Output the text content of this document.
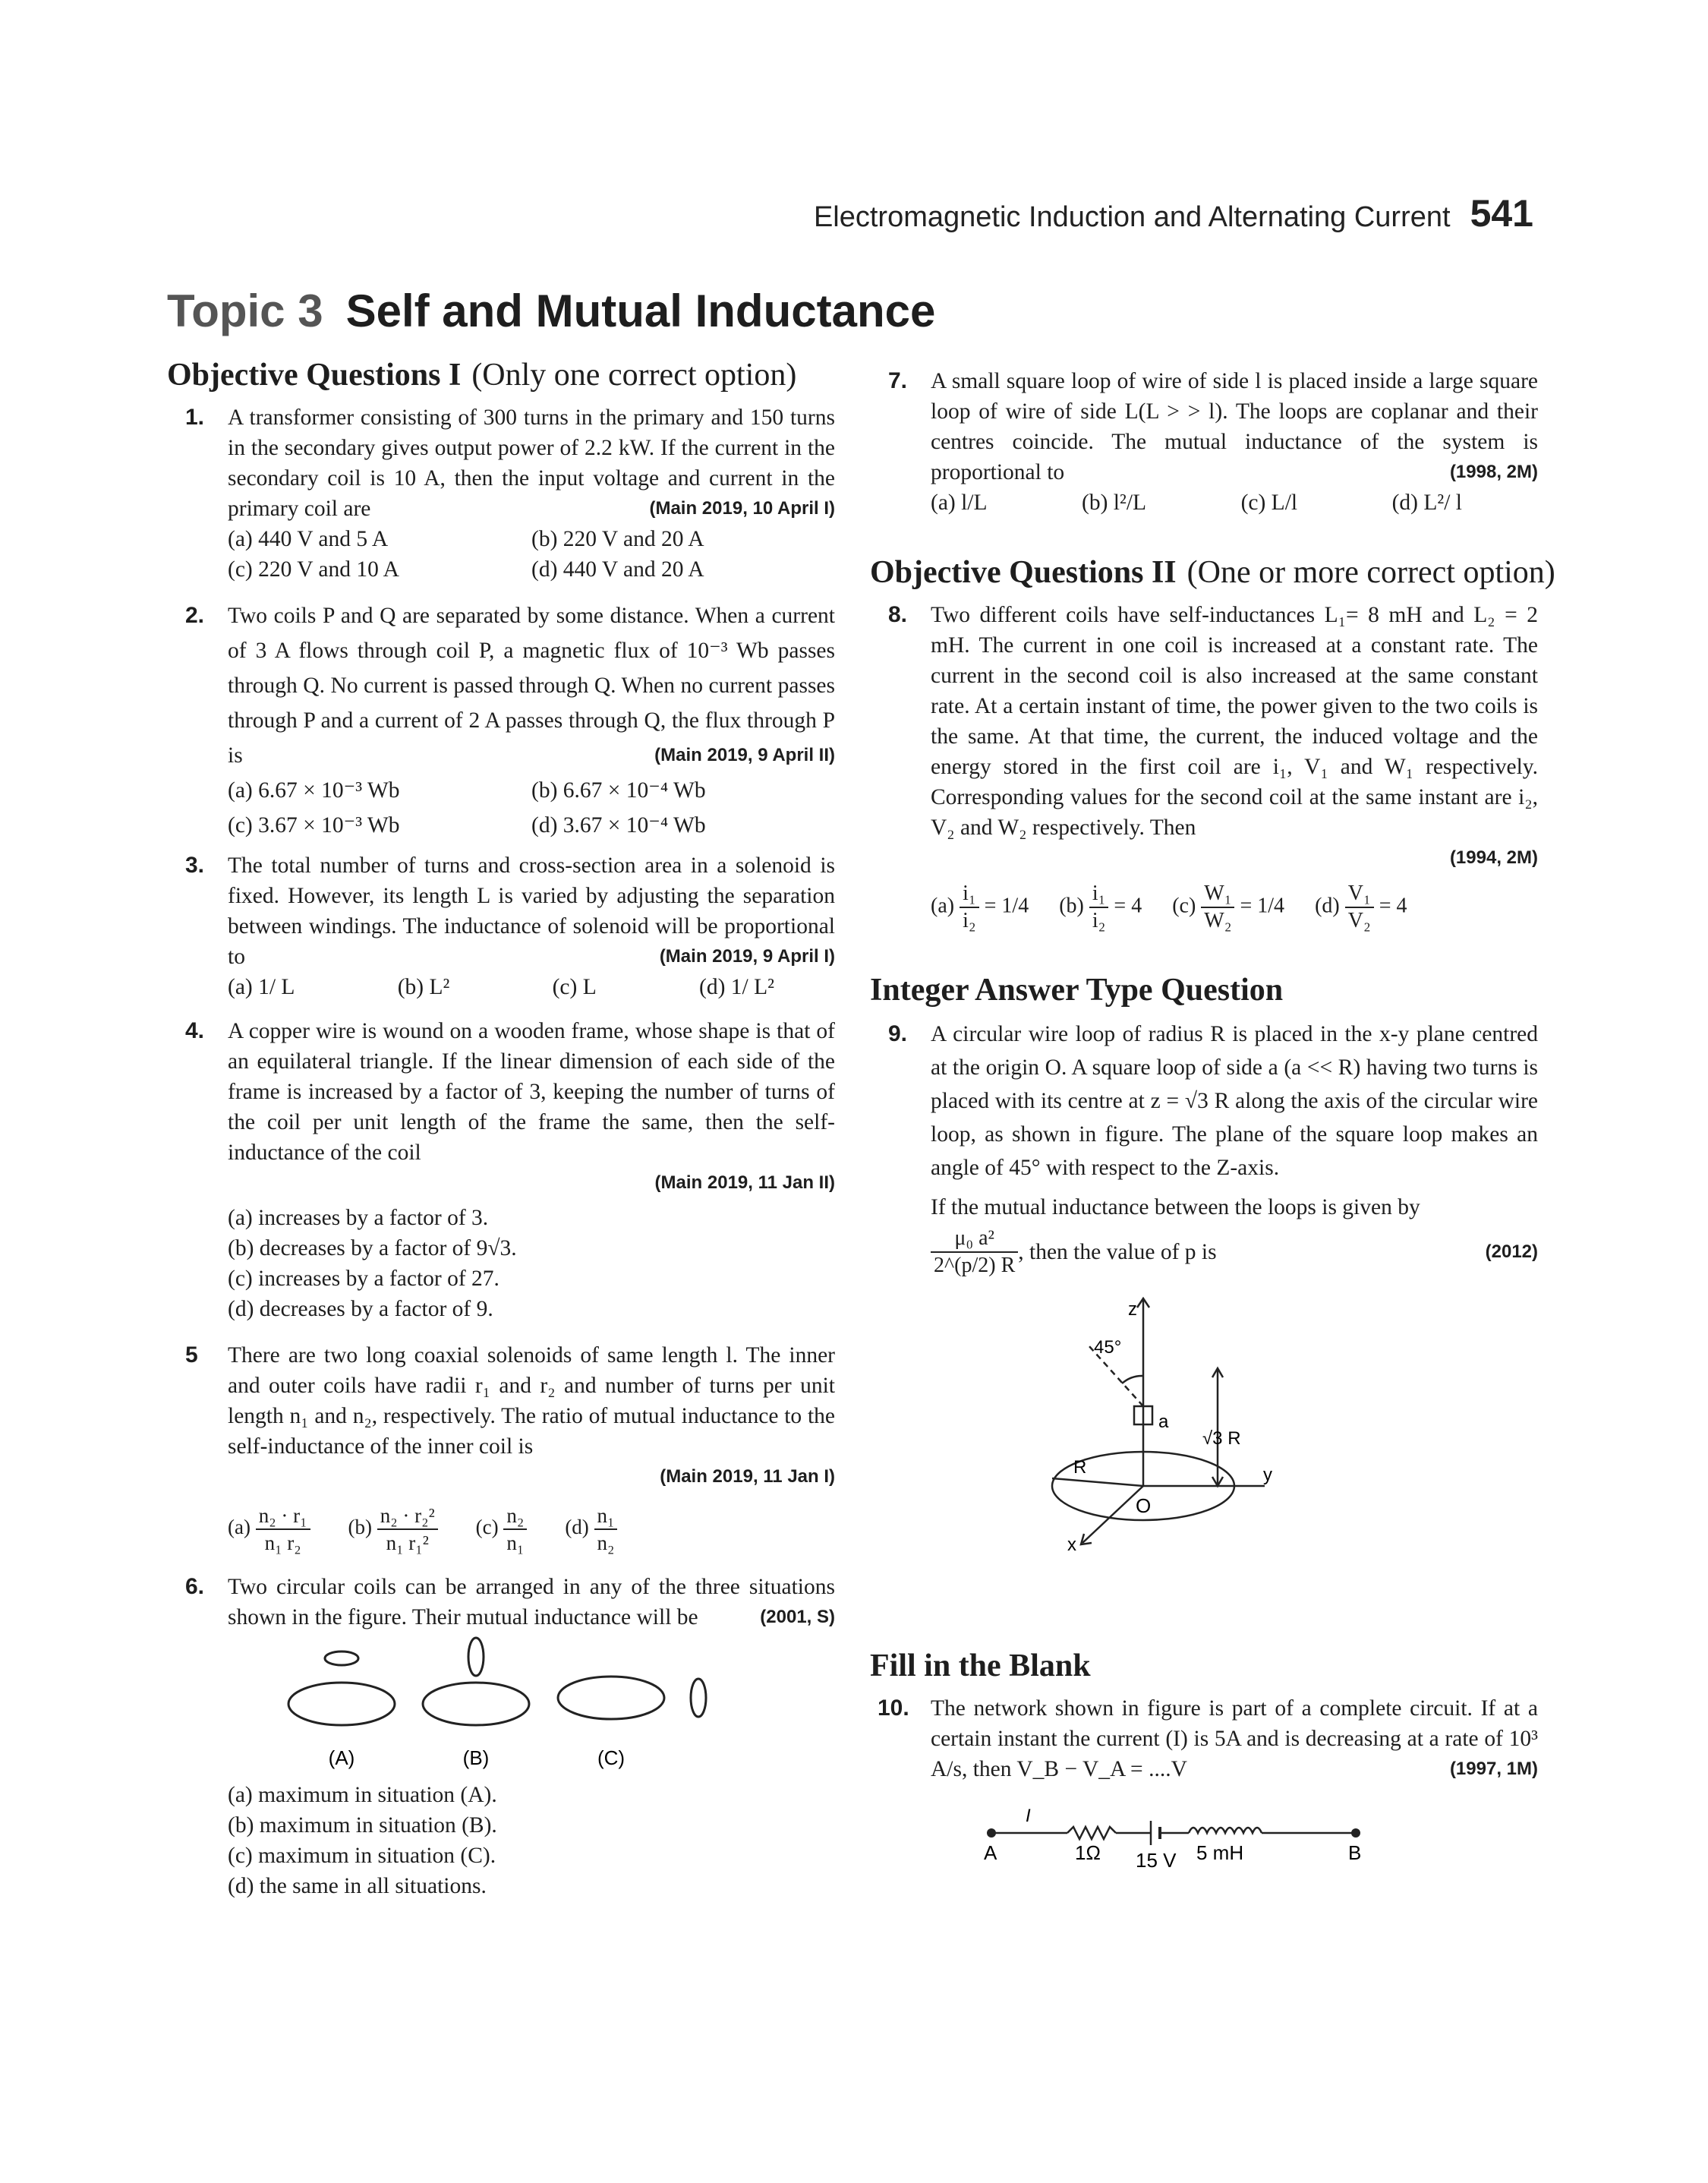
Electromagnetic Induction and Alternating Current 541
Topic 3 Self and Mutual Inductance
Objective Questions I (Only one correct option)
1. A transformer consisting of 300 turns in the primary and 150 turns in the secondary gives output power of 2.2 kW. If the current in the secondary coil is 10 A, then the input voltage and current in the primary coil are	(Main 2019, 10 April I)
(a) 440 V and 5 A	(b) 220 V and 20 A
(c) 220 V and 10 A	(d) 440 V and 20 A
2. Two coils P and Q are separated by some distance. When a current of 3 A flows through coil P, a magnetic flux of 10⁻³ Wb passes through Q. No current is passed through Q. When no current passes through P and a current of 2 A passes through Q, the flux through P is	(Main 2019, 9 April II)
(a) 6.67 × 10⁻³ Wb	(b) 6.67 × 10⁻⁴ Wb
(c) 3.67 × 10⁻³ Wb	(d) 3.67 × 10⁻⁴ Wb
3. The total number of turns and cross-section area in a solenoid is fixed. However, its length L is varied by adjusting the separation between windings. The inductance of solenoid will be proportional to	(Main 2019, 9 April I)
(a) 1/ L	(b) L²	(c) L	(d) 1/ L²
4. A copper wire is wound on a wooden frame, whose shape is that of an equilateral triangle. If the linear dimension of each side of the frame is increased by a factor of 3, keeping the number of turns of the coil per unit length of the frame the same, then the self-inductance of the coil
(Main 2019, 11 Jan II)
(a) increases by a factor of 3.
(b) decreases by a factor of 9√3.
(c) increases by a factor of 27.
(d) decreases by a factor of 9.
5 There are two long coaxial solenoids of same length l. The inner and outer coils have radii r₁ and r₂ and number of turns per unit length n₁ and n₂, respectively. The ratio of mutual inductance to the self-inductance of the inner coil is
(Main 2019, 11 Jan I)
$(a) \frac{\text{n₂ · r₁}}{\text{n₁ r₂}} (b) \frac{\text{n₂ · r₂²}}{\text{n₁ r₁²}} (c) \frac{\text{n₂}}{\text{n₁}} (d) \frac{\text{n₁}}{\text{n₂}}$
6. Two circular coils can be arranged in any of the three situations shown in the figure. Their mutual inductance will be	(2001, S)
(A)	(B)	(C)
(a) maximum in situation (A).
(b) maximum in situation (B).
(c) maximum in situation (C).
(d) the same in all situations.
7. A small square loop of wire of side l is placed inside a large square loop of wire of side L(L > > l). The loops are coplanar and their centres coincide. The mutual inductance of the system is proportional to	(1998, 2M)
(a) l/L	(b) l²/L	(c) L/l	(d) L²/ l
Objective Questions II (One or more correct option)
8. Two different coils have self-inductances L₁= 8 mH and L₂ = 2 mH. The current in one coil is increased at a constant rate. The current in the second coil is also increased at the same constant rate. At a certain instant of time, the power given to the two coils is the same. At that time, the current, the induced voltage and the energy stored in the first coil are i₁, V₁ and W₁ respectively. Corresponding values for the second coil at the same instant are i₂, V₂ and W₂ respectively. Then
(1994, 2M)
$(a) \frac{\text{i₁}}{\text{i₂}} = 1/4$ $(b) \frac{\text{i₁}}{\text{i₂}} = 4$ $(c) \frac{\text{W₁}}{\text{W₂}} = 1/4$ $(d) \frac{\text{V₁}}{\text{V₂}} = 4$
Integer Answer Type Question
9. A circular wire loop of radius R is placed in the x-y plane centred at the origin O. A square loop of side a (a << R) having two turns is placed with its centre at z = √3 R along the axis of the circular wire loop, as shown in figure. The plane of the square loop makes an angle of 45° with respect to the Z-axis.
If the mutual inductance between the loops is given by
$\frac{\text{μ₀ a²}}{2\^{}(p/2) R}$ , then the value of p is	(2012)
z
45°
a
√3 R
R
O
x
y
Fill in the Blank
10. The network shown in figure is part of a complete circuit. If at a certain instant the current (I) is 5A and is decreasing at a rate of 10³ A/s, then V_B − V_A = ....V	(1997, 1M)
I
A	1Ω 15 V 5 mH	B
